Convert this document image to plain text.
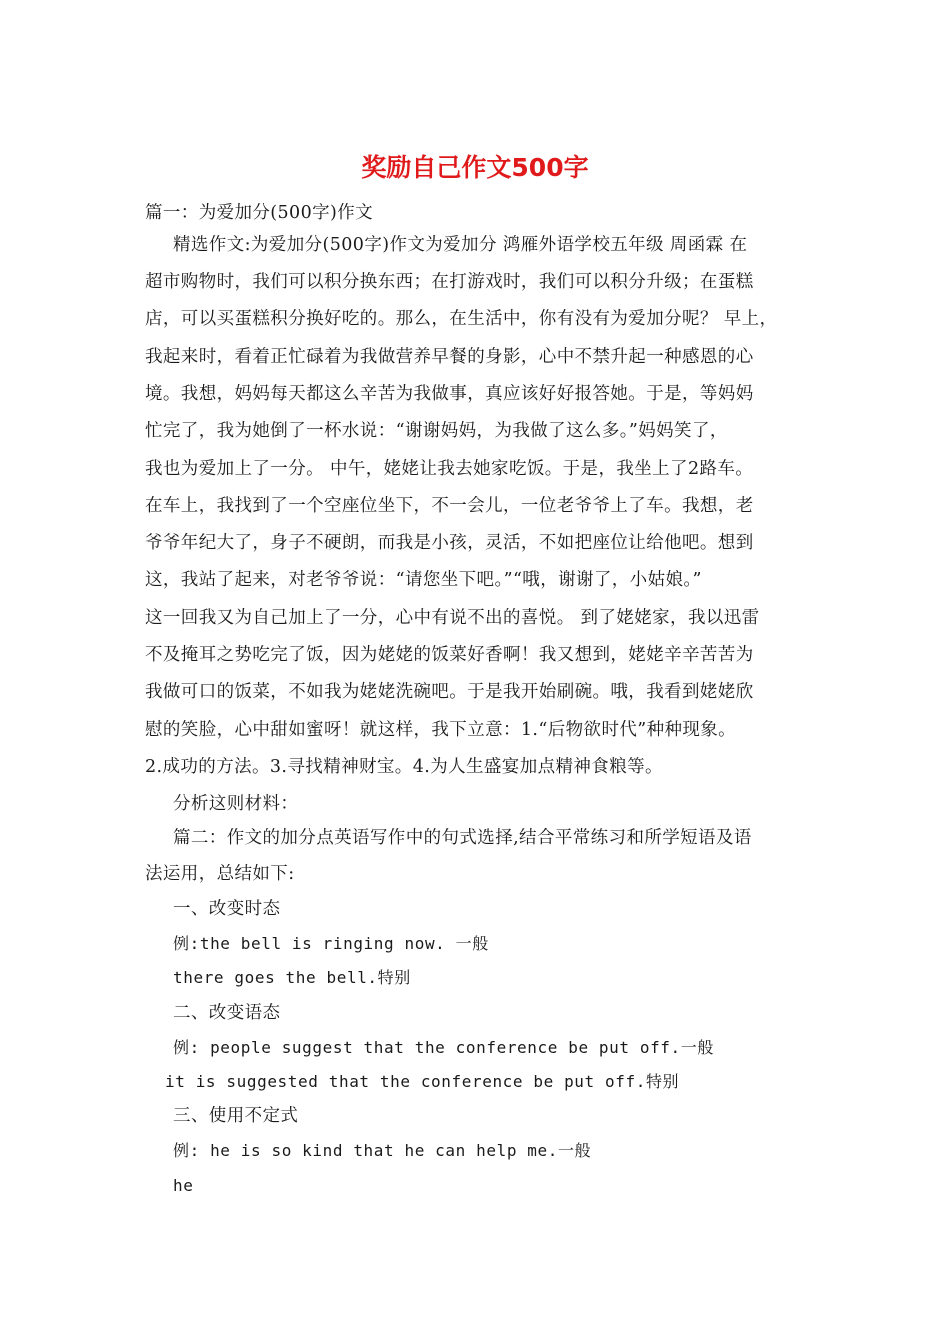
奖励自己作文500字
篇一：为爱加分(500字)作文
精选作文:为爱加分(500字)作文为爱加分 鸿雁外语学校五年级 周函霖 在
超市购物时，我们可以积分换东西；在打游戏时，我们可以积分升级；在蛋糕
店，可以买蛋糕积分换好吃的。那么，在生活中，你有没有为爱加分呢？ 早上，
我起来时，看着正忙碌着为我做营养早餐的身影，心中不禁升起一种感恩的心
境。我想，妈妈每天都这么辛苦为我做事，真应该好好报答她。于是，等妈妈
忙完了，我为她倒了一杯水说：“谢谢妈妈，为我做了这么多。”妈妈笑了，
我也为爱加上了一分。 中午，姥姥让我去她家吃饭。于是，我坐上了2路车。
在车上，我找到了一个空座位坐下，不一会儿，一位老爷爷上了车。我想，老
爷爷年纪大了，身子不硬朗，而我是小孩，灵活，不如把座位让给他吧。想到
这，我站了起来，对老爷爷说：“请您坐下吧。”“哦，谢谢了，小姑娘。”
这一回我又为自己加上了一分，心中有说不出的喜悦。 到了姥姥家，我以迅雷
不及掩耳之势吃完了饭，因为姥姥的饭菜好香啊！我又想到，姥姥辛辛苦苦为
我做可口的饭菜，不如我为姥姥洗碗吧。于是我开始刷碗。哦，我看到姥姥欣
慰的笑脸，心中甜如蜜呀！就这样，我下立意：1.“后物欲时代”种种现象。
2.成功的方法。3.寻找精神财宝。4.为人生盛宴加点精神食粮等。
分析这则材料：
篇二：作文的加分点英语写作中的句式选择,结合平常练习和所学短语及语
法运用，总结如下:
一、改变时态
例:the bell is ringing now. 一般
there goes the bell.特别
二、改变语态
例: people suggest that the conference be put off.一般
it is suggested that the conference be put off.特别
三、使用不定式
例: he is so kind that he can help me.一般
he
